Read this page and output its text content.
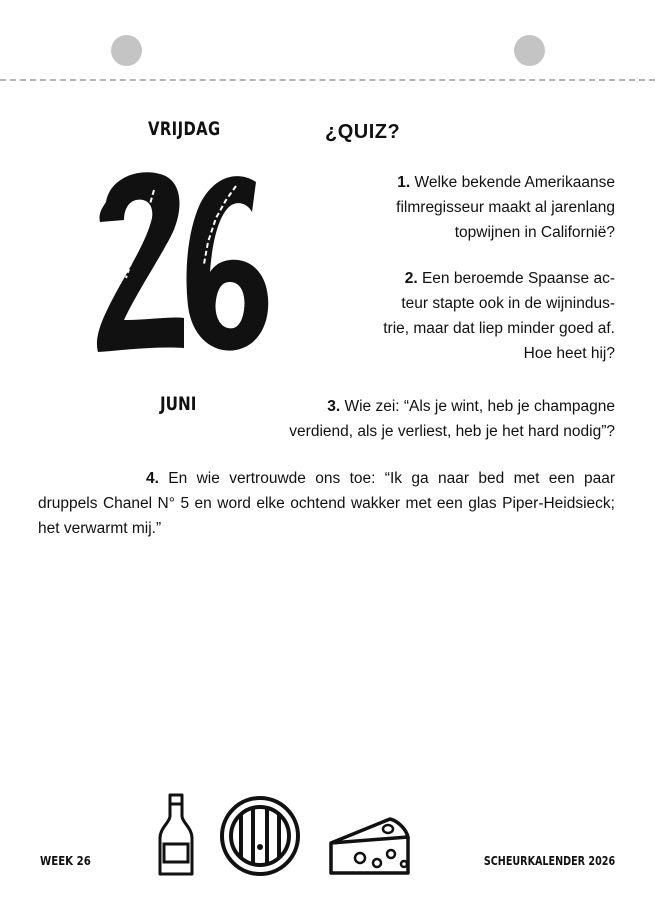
VRIJDAG
JUNI
¿QUIZ?
1. Welke bekende Amerikaanse
filmregisseur maakt al jarenlang
topwijnen in Californië?
2. Een beroemde Spaanse ac-
teur stapte ook in de wijnindus-
trie, maar dat liep minder goed af.
Hoe heet hij?
3. Wie zei: “Als je wint, heb je champagne
verdiend, als je verliest, heb je het hard nodig”?
4. En wie vertrouwde ons toe: “Ik ga naar bed met een paar druppels Chanel N° 5 en word elke ochtend wakker met een glas Piper-Heidsieck; het verwarmt mij.”
WEEK 26	SCHEURKALENDER 2026
